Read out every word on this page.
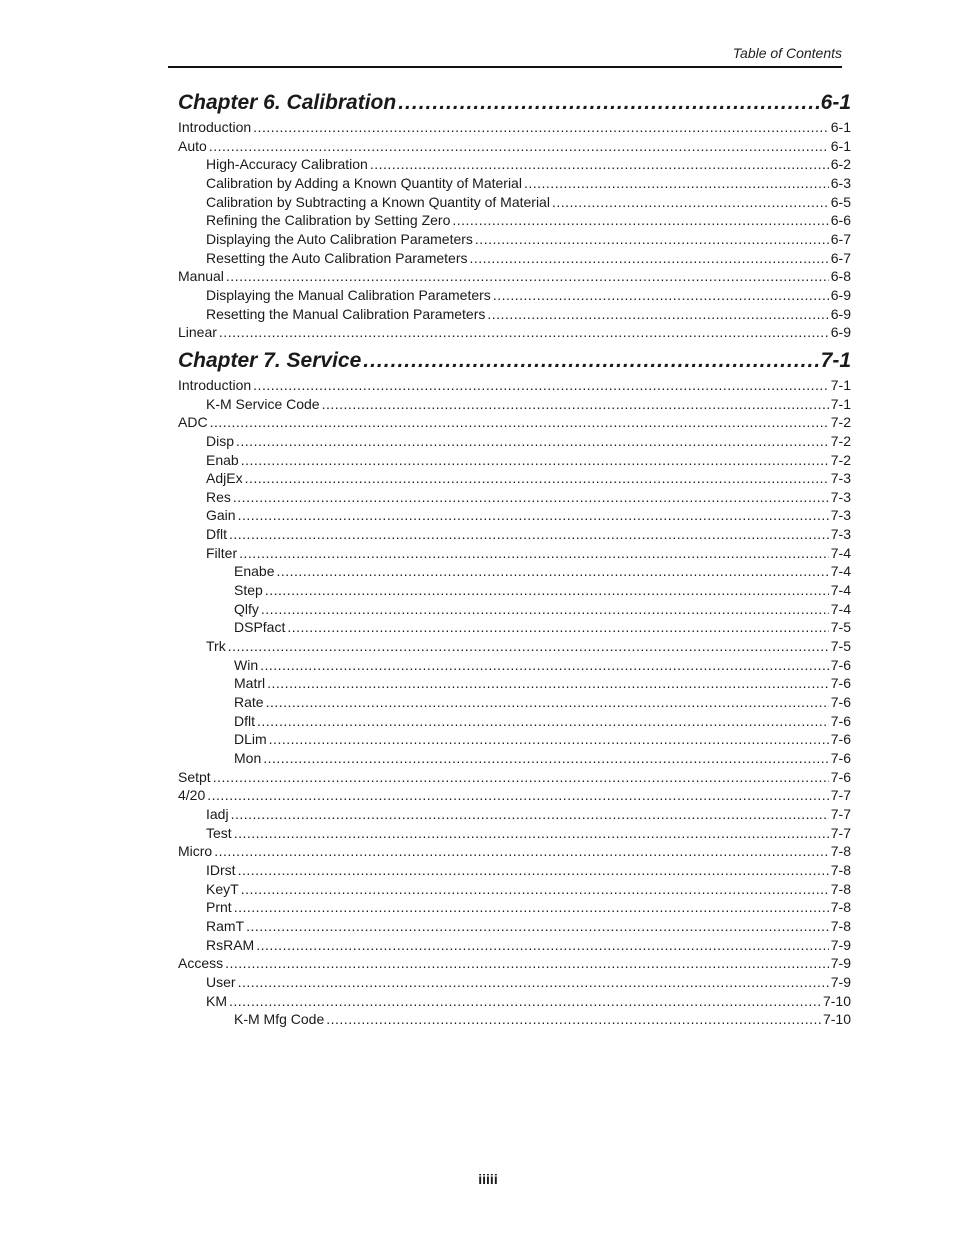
Table of Contents
Chapter 6. Calibration .....	6-1
Introduction .....	6-1
Auto .....	6-1
High-Accuracy Calibration .....	6-2
Calibration by Adding a Known Quantity of Material .....	6-3
Calibration by Subtracting a Known Quantity of Material .....	6-5
Refining the Calibration by Setting Zero .....	6-6
Displaying the Auto Calibration Parameters .....	6-7
Resetting the Auto Calibration Parameters .....	6-7
Manual .....	6-8
Displaying the Manual Calibration Parameters .....	6-9
Resetting the Manual Calibration Parameters .....	6-9
Linear .....	6-9
Chapter 7. Service .....	7-1
Introduction .....	7-1
K-M Service Code .....	7-1
ADC .....	7-2
Disp .....	7-2
Enab .....	7-2
AdjEx .....	7-3
Res .....	7-3
Gain .....	7-3
Dflt .....	7-3
Filter .....	7-4
Enabe .....	7-4
Step .....	7-4
Qlfy .....	7-4
DSPfact .....	7-5
Trk .....	7-5
Win .....	7-6
Matrl .....	7-6
Rate .....	7-6
Dflt .....	7-6
DLim .....	7-6
Mon .....	7-6
Setpt .....	7-6
4/20 .....	7-7
Iadj .....	7-7
Test .....	7-7
Micro .....	7-8
IDrst .....	7-8
KeyT .....	7-8
Prnt .....	7-8
RamT .....	7-8
RsRAM .....	7-9
Access .....	7-9
User .....	7-9
KM .....	7-10
K-M Mfg Code .....	7-10
iiiii
